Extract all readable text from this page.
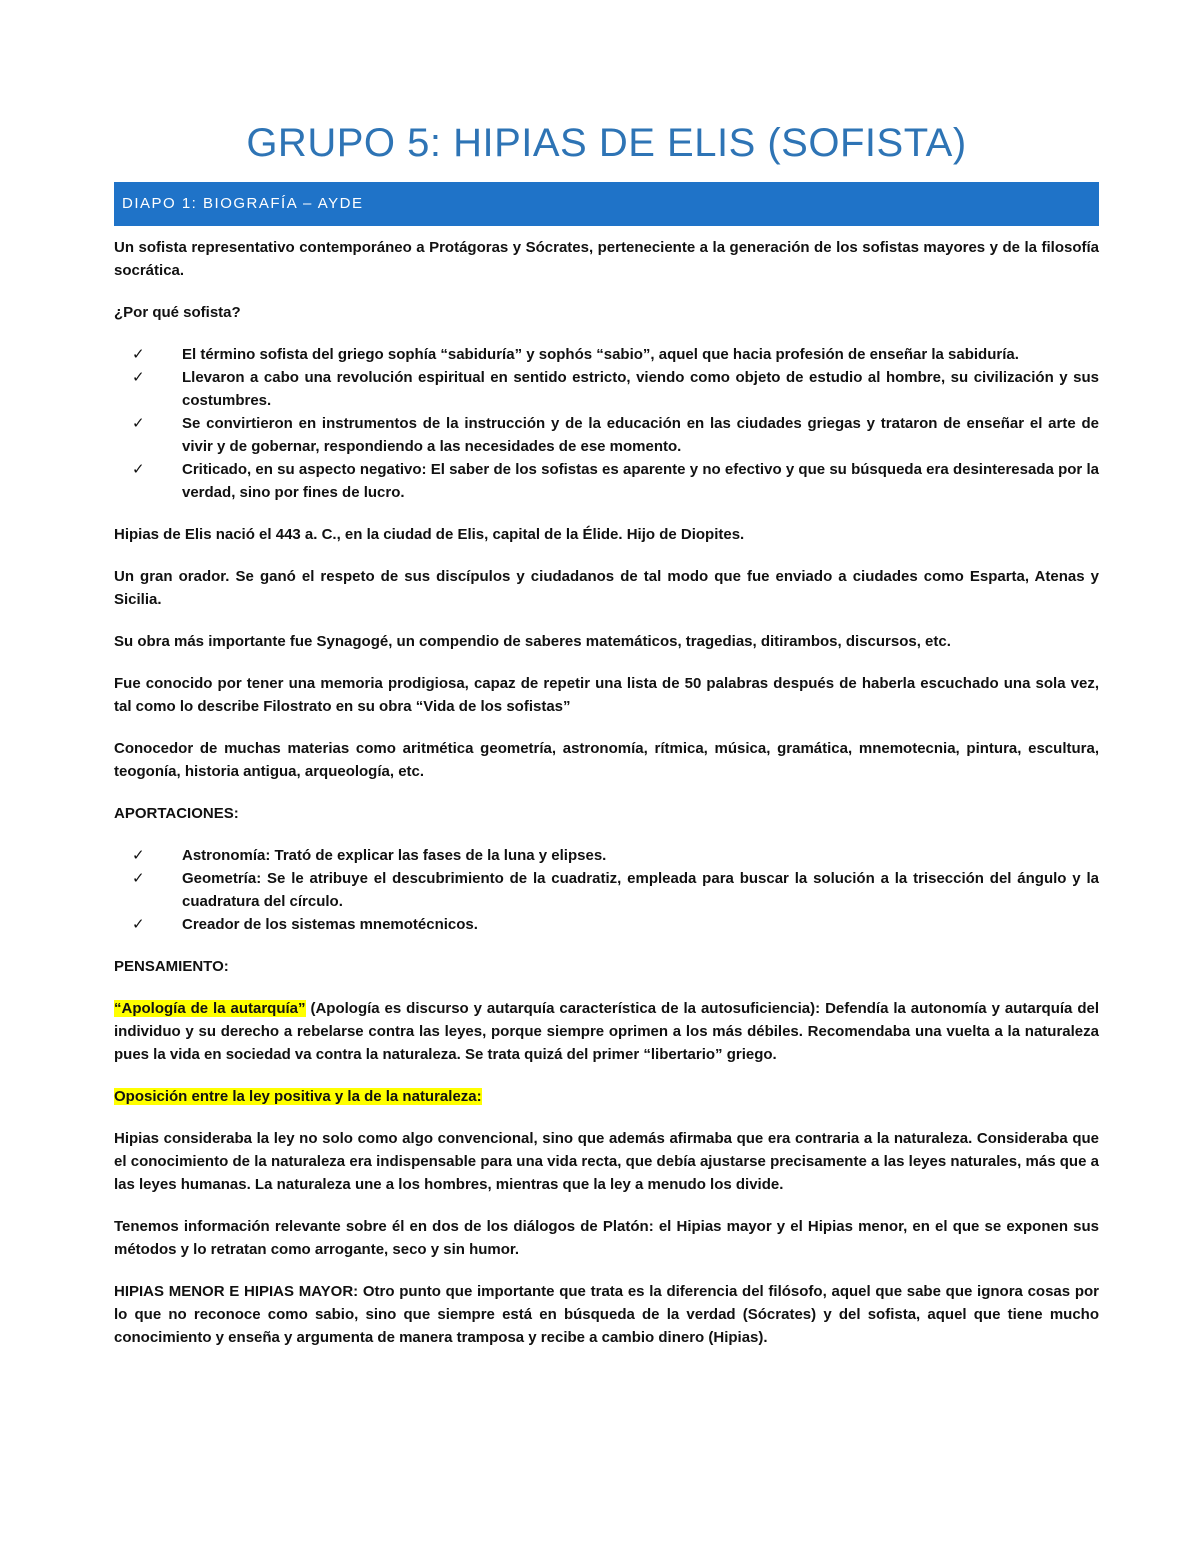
GRUPO 5: HIPIAS DE ELIS (SOFISTA)
DIAPO 1: BIOGRAFÍA – AYDE

Un sofista representativo contemporáneo a Protágoras y Sócrates, perteneciente a la generación de los sofistas mayores y de la filosofía socrática.

¿Por qué sofista?

✓ El término sofista del griego sophía “sabiduría” y sophós “sabio”, aquel que hacia profesión de enseñar la sabiduría.
✓ Llevaron a cabo una revolución espiritual en sentido estricto, viendo como objeto de estudio al hombre, su civilización y sus costumbres.
✓ Se convirtieron en instrumentos de la instrucción y de la educación en las ciudades griegas y trataron de enseñar el arte de vivir y de gobernar, respondiendo a las necesidades de ese momento.
✓ Criticado, en su aspecto negativo: El saber de los sofistas es aparente y no efectivo y que su búsqueda era desinteresada por la verdad, sino por fines de lucro.

Hipias de Elis nació el 443 a. C., en la ciudad de Elis, capital de la Élide. Hijo de Diopites.

Un gran orador. Se ganó el respeto de sus discípulos y ciudadanos de tal modo que fue enviado a ciudades como Esparta, Atenas y Sicilia.

Su obra más importante fue Synagogé, un compendio de saberes matemáticos, tragedias, ditirambos, discursos, etc.

Fue conocido por tener una memoria prodigiosa, capaz de repetir una lista de 50 palabras después de haberla escuchado una sola vez, tal como lo describe Filostrato en su obra “Vida de los sofistas”

Conocedor de muchas materias como aritmética geometría, astronomía, rítmica, música, gramática, mnemotecnia, pintura, escultura, teogonía, historia antigua, arqueología, etc.

APORTACIONES:

✓ Astronomía: Trató de explicar las fases de la luna y elipses.
✓ Geometría: Se le atribuye el descubrimiento de la cuadratiz, empleada para buscar la solución a la trisección del ángulo y la cuadratura del círculo.
✓ Creador de los sistemas mnemotécnicos.

PENSAMIENTO:

“Apología de la autarquía” (Apología es discurso y autarquía característica de la autosuficiencia): Defendía la autonomía y autarquía del individuo y su derecho a rebelarse contra las leyes, porque siempre oprimen a los más débiles. Recomendaba una vuelta a la naturaleza pues la vida en sociedad va contra la naturaleza. Se trata quizá del primer “libertario” griego.

Oposición entre la ley positiva y la de la naturaleza:

Hipias consideraba la ley no solo como algo convencional, sino que además afirmaba que era contraria a la naturaleza. Consideraba que el conocimiento de la naturaleza era indispensable para una vida recta, que debía ajustarse precisamente a las leyes naturales, más que a las leyes humanas. La naturaleza une a los hombres, mientras que la ley a menudo los divide.

Tenemos información relevante sobre él en dos de los diálogos de Platón: el Hipias mayor y el Hipias menor, en el que se exponen sus métodos y lo retratan como arrogante, seco y sin humor.

HIPIAS MENOR E HIPIAS MAYOR: Otro punto que importante que trata es la diferencia del filósofo, aquel que sabe que ignora cosas por lo que no reconoce como sabio, sino que siempre está en búsqueda de la verdad (Sócrates) y del sofista, aquel que tiene mucho conocimiento y enseña y argumenta de manera tramposa y recibe a cambio dinero (Hipias).
